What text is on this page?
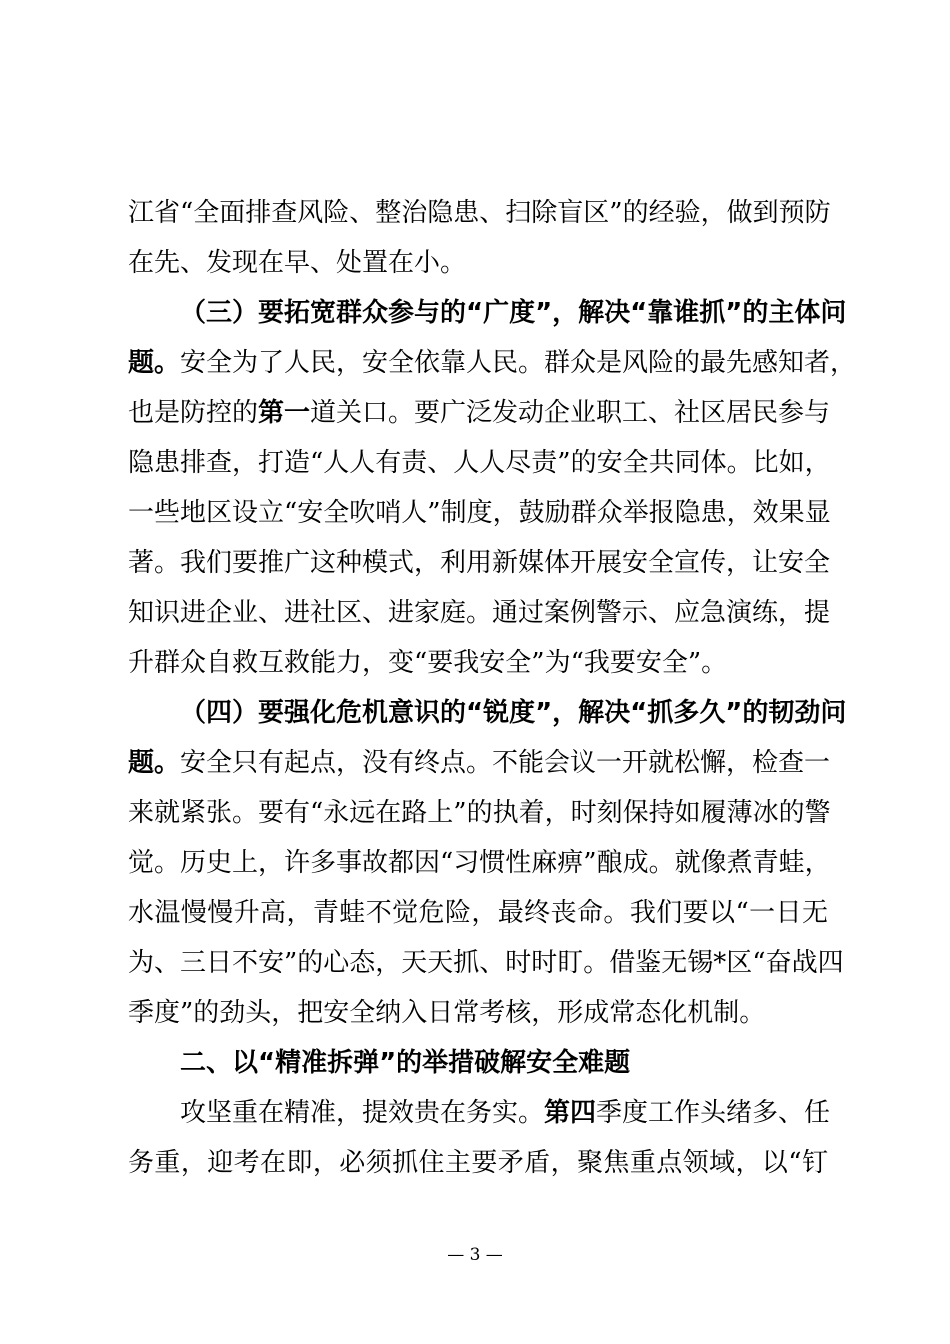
江省“全面排查风险、整治隐患、扫除盲区”的经验，做到预防
在先、发现在早、处置在小。
（三）要拓宽群众参与的“广度”，解决“靠谁抓”的主体问
题。安全为了人民，安全依靠人民。群众是风险的最先感知者，
也是防控的第一道关口。要广泛发动企业职工、社区居民参与
隐患排查，打造“人人有责、人人尽责”的安全共同体。比如，
一些地区设立“安全吹哨人”制度，鼓励群众举报隐患，效果显
著。我们要推广这种模式，利用新媒体开展安全宣传，让安全
知识进企业、进社区、进家庭。通过案例警示、应急演练，提
升群众自救互救能力，变“要我安全”为“我要安全”。
（四）要强化危机意识的“锐度”，解决“抓多久”的韧劲问
题。安全只有起点，没有终点。不能会议一开就松懈，检查一
来就紧张。要有“永远在路上”的执着，时刻保持如履薄冰的警
觉。历史上，许多事故都因“习惯性麻痹”酿成。就像煮青蛙，
水温慢慢升高，青蛙不觉危险，最终丧命。我们要以“一日无
为、三日不安”的心态，天天抓、时时盯。借鉴无锡*区“奋战四
季度”的劲头，把安全纳入日常考核，形成常态化机制。
二、以“精准拆弹”的举措破解安全难题
攻坚重在精准，提效贵在务实。第四季度工作头绪多、任
务重，迎考在即，必须抓住主要矛盾，聚焦重点领域，以“钉
— 3 —
